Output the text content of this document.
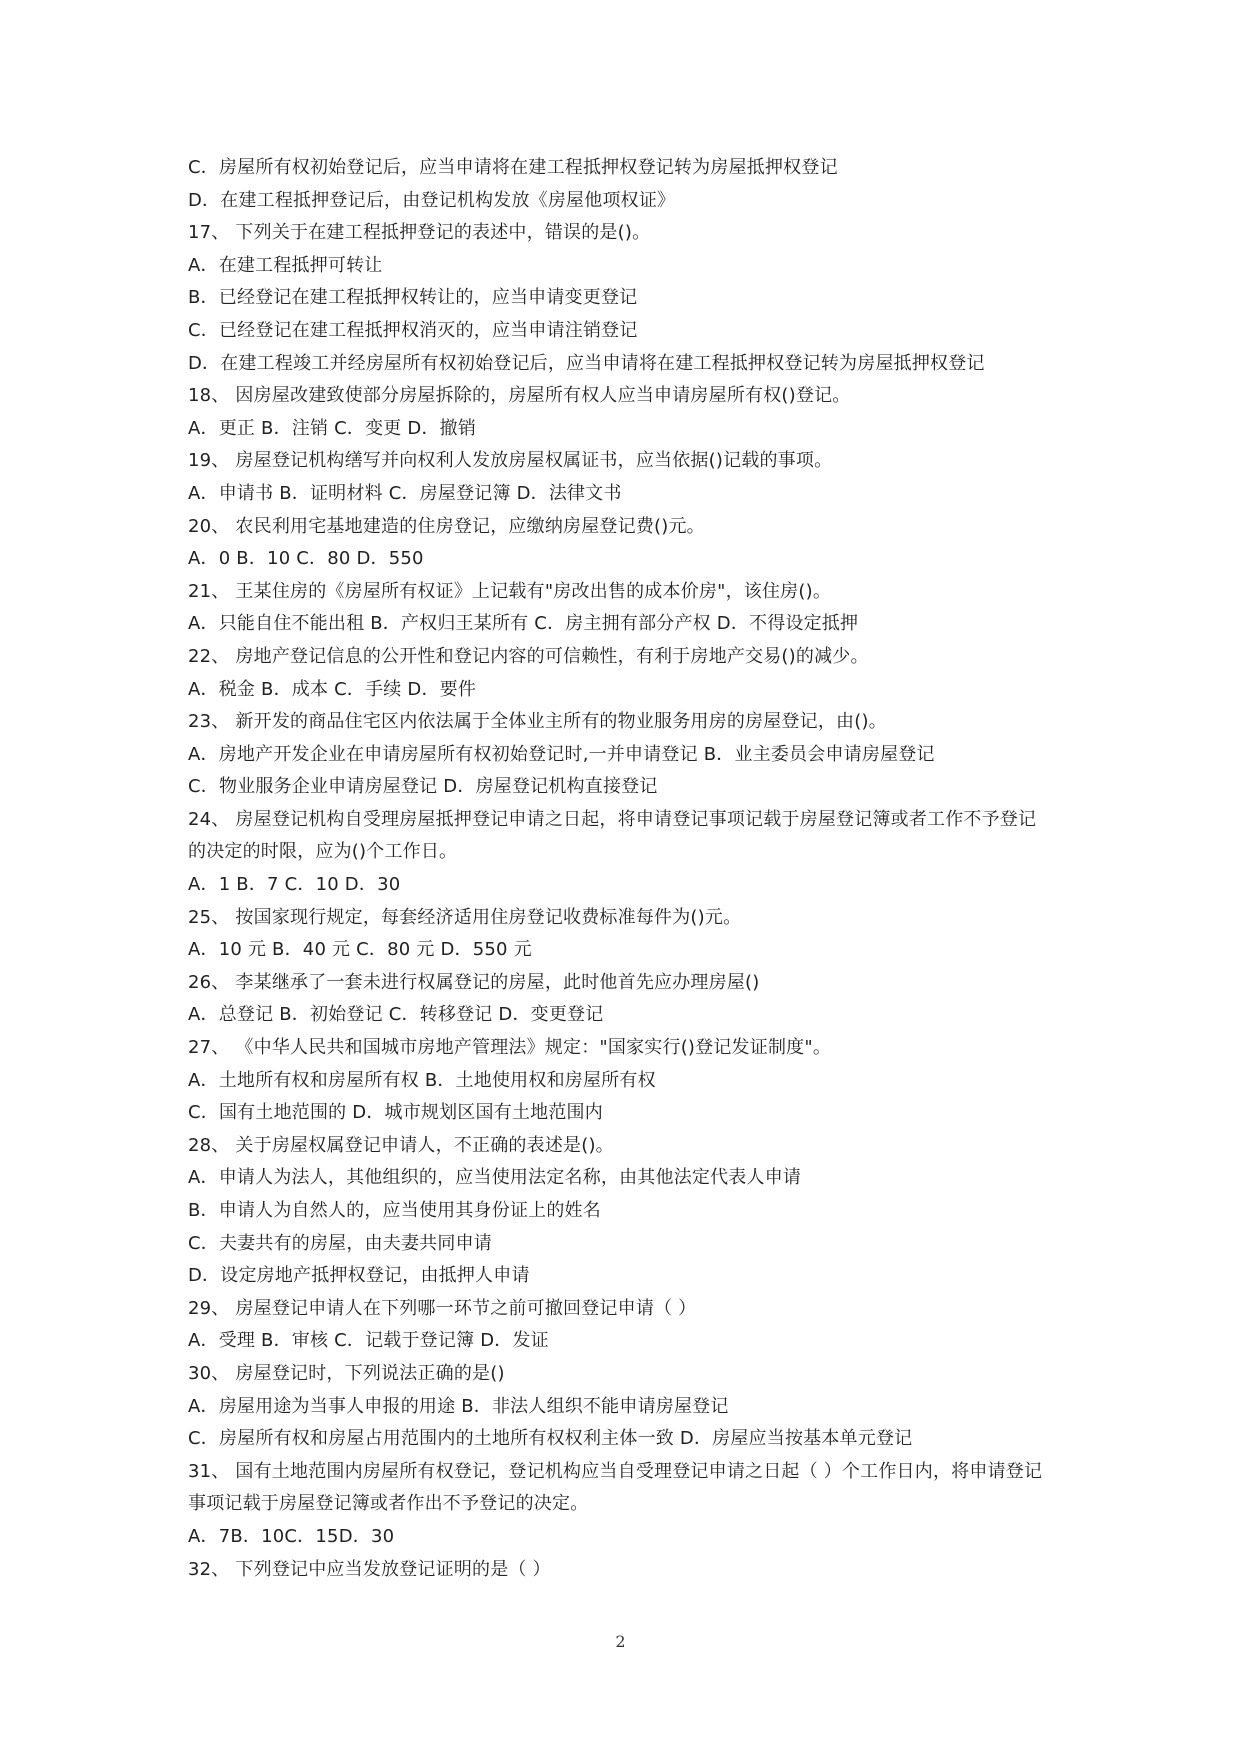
C．房屋所有权初始登记后，应当申请将在建工程抵押权登记转为房屋抵押权登记
D．在建工程抵押登记后，由登记机构发放《房屋他项权证》
17、 下列关于在建工程抵押登记的表述中，错误的是()。
A．在建工程抵押可转让
B．已经登记在建工程抵押权转让的，应当申请变更登记
C．已经登记在建工程抵押权消灭的，应当申请注销登记
D．在建工程竣工并经房屋所有权初始登记后，应当申请将在建工程抵押权登记转为房屋抵押权登记
18、 因房屋改建致使部分房屋拆除的，房屋所有权人应当申请房屋所有权()登记。
A．更正 B．注销 C．变更 D．撤销
19、 房屋登记机构缮写并向权利人发放房屋权属证书，应当依据()记载的事项。
A．申请书 B．证明材料 C．房屋登记簿 D．法律文书
20、 农民利用宅基地建造的住房登记，应缴纳房屋登记费()元。
A．0 B．10 C．80 D．550
21、 王某住房的《房屋所有权证》上记载有"房改出售的成本价房"，该住房()。
A．只能自住不能出租 B．产权归王某所有 C．房主拥有部分产权 D．不得设定抵押
22、 房地产登记信息的公开性和登记内容的可信赖性，有利于房地产交易()的减少。
A．税金 B．成本 C．手续 D．要件
23、 新开发的商品住宅区内依法属于全体业主所有的物业服务用房的房屋登记，由()。
A．房地产开发企业在申请房屋所有权初始登记时,一并申请登记 B．业主委员会申请房屋登记
C．物业服务企业申请房屋登记 D．房屋登记机构直接登记
24、 房屋登记机构自受理房屋抵押登记申请之日起，将申请登记事项记载于房屋登记簿或者工作不予登记
的决定的时限，应为()个工作日。
A．1 B．7 C．10 D．30
25、 按国家现行规定，每套经济适用住房登记收费标准每件为()元。
A．10 元 B．40 元 C．80 元 D．550 元
26、 李某继承了一套未进行权属登记的房屋，此时他首先应办理房屋()
A．总登记 B．初始登记 C．转移登记 D．变更登记
27、 《中华人民共和国城市房地产管理法》规定："国家实行()登记发证制度"。
A．土地所有权和房屋所有权 B．土地使用权和房屋所有权
C．国有土地范围的 D．城市规划区国有土地范围内
28、 关于房屋权属登记申请人，不正确的表述是()。
A．申请人为法人，其他组织的，应当使用法定名称，由其他法定代表人申请
B．申请人为自然人的，应当使用其身份证上的姓名
C．夫妻共有的房屋，由夫妻共同申请
D．设定房地产抵押权登记，由抵押人申请
29、 房屋登记申请人在下列哪一环节之前可撤回登记申请（ ）
A．受理 B．审核 C．记载于登记簿 D．发证
30、 房屋登记时，下列说法正确的是()
A．房屋用途为当事人申报的用途 B．非法人组织不能申请房屋登记
C．房屋所有权和房屋占用范围内的土地所有权权利主体一致 D．房屋应当按基本单元登记
31、 国有土地范围内房屋所有权登记，登记机构应当自受理登记申请之日起（ ）个工作日内，将申请登记
事项记载于房屋登记簿或者作出不予登记的决定。
A．7B．10C．15D．30
32、 下列登记中应当发放登记证明的是（ ）
2
